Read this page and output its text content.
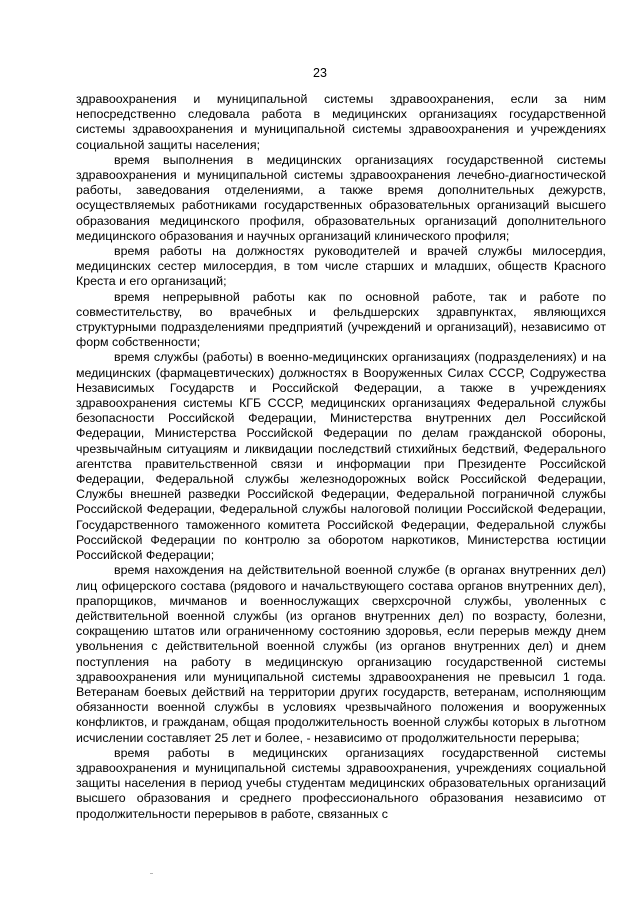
23

здравоохранения и муниципальной системы здравоохранения, если за ним непосредственно следовала работа в медицинских организациях государственной системы здравоохранения и муниципальной системы здравоохранения и учреждениях социальной защиты населения;

время выполнения в медицинских организациях государственной системы здравоохранения и муниципальной системы здравоохранения лечебно-диагностической работы, заведования отделениями, а также время дополнительных дежурств, осуществляемых работниками государственных образовательных организаций высшего образования медицинского профиля, образовательных организаций дополнительного медицинского образования и научных организаций клинического профиля;

время работы на должностях руководителей и врачей службы милосердия, медицинских сестер милосердия, в том числе старших и младших, обществ Красного Креста и его организаций;

время непрерывной работы как по основной работе, так и работе по совместительству, во врачебных и фельдшерских здравпунктах, являющихся структурными подразделениями предприятий (учреждений и организаций), независимо от форм собственности;

время службы (работы) в военно-медицинских организациях (подразделениях) и на медицинских (фармацевтических) должностях в Вооруженных Силах СССР, Содружества Независимых Государств и Российской Федерации, а также в учреждениях здравоохранения системы КГБ СССР, медицинских организациях Федеральной службы безопасности Российской Федерации, Министерства внутренних дел Российской Федерации, Министерства Российской Федерации по делам гражданской обороны, чрезвычайным ситуациям и ликвидации последствий стихийных бедствий, Федерального агентства правительственной связи и информации при Президенте Российской Федерации, Федеральной службы железнодорожных войск Российской Федерации, Службы внешней разведки Российской Федерации, Федеральной пограничной службы Российской Федерации, Федеральной службы налоговой полиции Российской Федерации, Государственного таможенного комитета Российской Федерации, Федеральной службы Российской Федерации по контролю за оборотом наркотиков, Министерства юстиции Российской Федерации;

время нахождения на действительной военной службе (в органах внутренних дел) лиц офицерского состава (рядового и начальствующего состава органов внутренних дел), прапорщиков, мичманов и военнослужащих сверхсрочной службы, уволенных с действительной военной службы (из органов внутренних дел) по возрасту, болезни, сокращению штатов или ограниченному состоянию здоровья, если перерыв между днем увольнения с действительной военной службы (из органов внутренних дел) и днем поступления на работу в медицинскую организацию государственной системы здравоохранения или муниципальной системы здравоохранения не превысил 1 года. Ветеранам боевых действий на территории других государств, ветеранам, исполняющим обязанности военной службы в условиях чрезвычайного положения и вооруженных конфликтов, и гражданам, общая продолжительность военной службы которых в льготном исчислении составляет 25 лет и более, - независимо от продолжительности перерыва;

время работы в медицинских организациях государственной системы здравоохранения и муниципальной системы здравоохранения, учреждениях социальной защиты населения в период учебы студентам медицинских образовательных организаций высшего образования и среднего профессионального образования независимо от продолжительности перерывов в работе, связанных с
